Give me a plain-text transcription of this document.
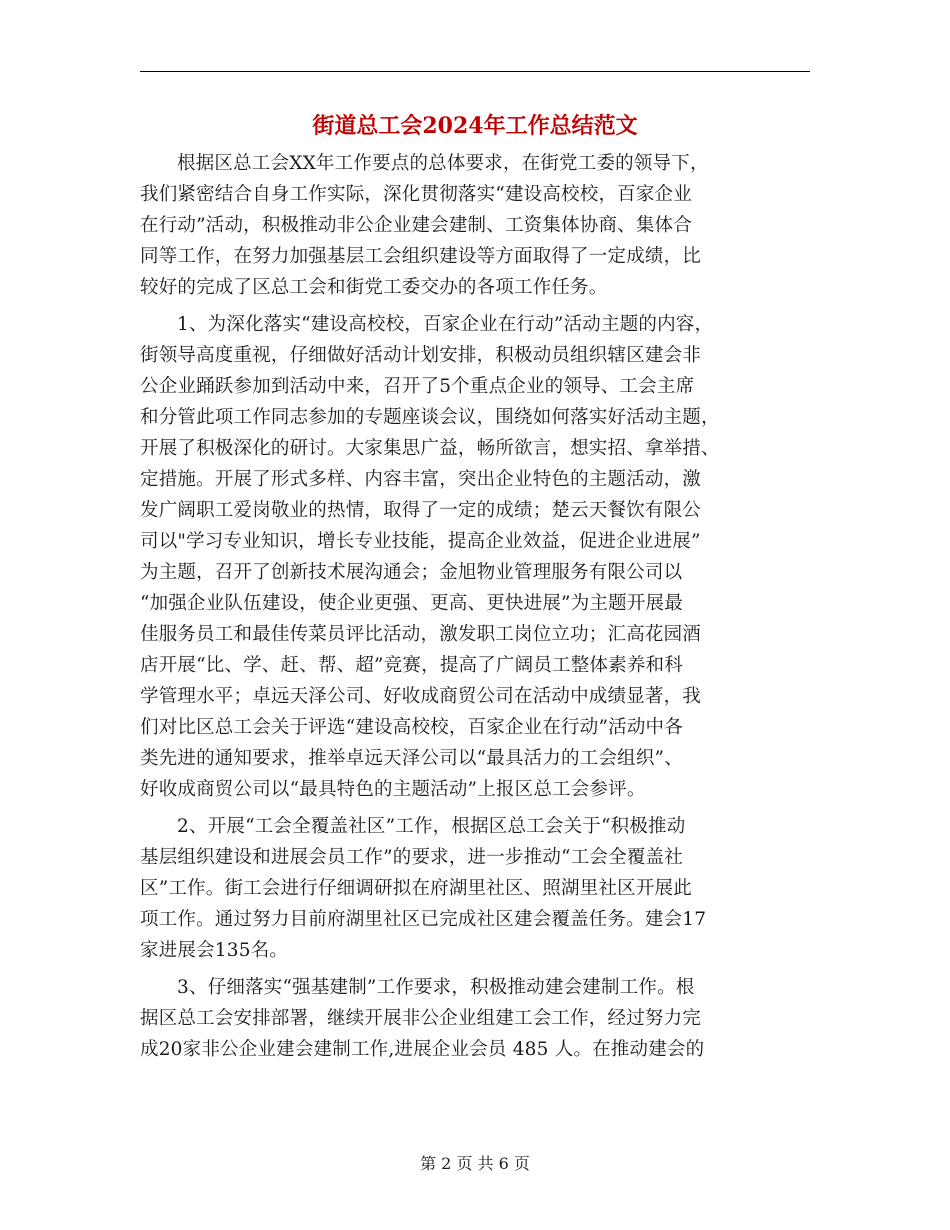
街道总工会2024年工作总结范文
根据区总工会XX年工作要点的总体要求，在街党工委的领导下，
我们紧密结合自身工作实际，深化贯彻落实“建设高校校，百家企业
在行动”活动，积极推动非公企业建会建制、工资集体协商、集体合
同等工作，在努力加强基层工会组织建设等方面取得了一定成绩，比
较好的完成了区总工会和街党工委交办的各项工作任务。
1、为深化落实“建设高校校，百家企业在行动”活动主题的内容，
街领导高度重视，仔细做好活动计划安排，积极动员组织辖区建会非
公企业踊跃参加到活动中来，召开了5个重点企业的领导、工会主席
和分管此项工作同志参加的专题座谈会议，围绕如何落实好活动主题，
开展了积极深化的研讨。大家集思广益，畅所欲言，想实招、拿举措、
定措施。开展了形式多样、内容丰富，突出企业特色的主题活动，激
发广阔职工爱岗敬业的热情，取得了一定的成绩；楚云天餐饮有限公
司以"学习专业知识，增长专业技能，提高企业效益，促进企业进展”
为主题，召开了创新技术展沟通会；金旭物业管理服务有限公司以
“加强企业队伍建设，使企业更强、更高、更快进展”为主题开展最
佳服务员工和最佳传菜员评比活动，激发职工岗位立功；汇高花园酒
店开展“比、学、赶、帮、超”竞赛，提高了广阔员工整体素养和科
学管理水平；卓远天泽公司、好收成商贸公司在活动中成绩显著，我
们对比区总工会关于评选“建设高校校，百家企业在行动”活动中各
类先进的通知要求，推举卓远天泽公司以“最具活力的工会组织”、
好收成商贸公司以“最具特色的主题活动”上报区总工会参评。
2、开展“工会全覆盖社区”工作，根据区总工会关于“积极推动
基层组织建设和进展会员工作”的要求，进一步推动“工会全覆盖社
区”工作。街工会进行仔细调研拟在府湖里社区、照湖里社区开展此
项工作。通过努力目前府湖里社区已完成社区建会覆盖任务。建会17
家进展会135名。
3、仔细落实“强基建制”工作要求，积极推动建会建制工作。根
据区总工会安排部署，继续开展非公企业组建工会工作，经过努力完
成20家非公企业建会建制工作,进展企业会员 485 人。在推动建会的
第 2 页 共 6 页
